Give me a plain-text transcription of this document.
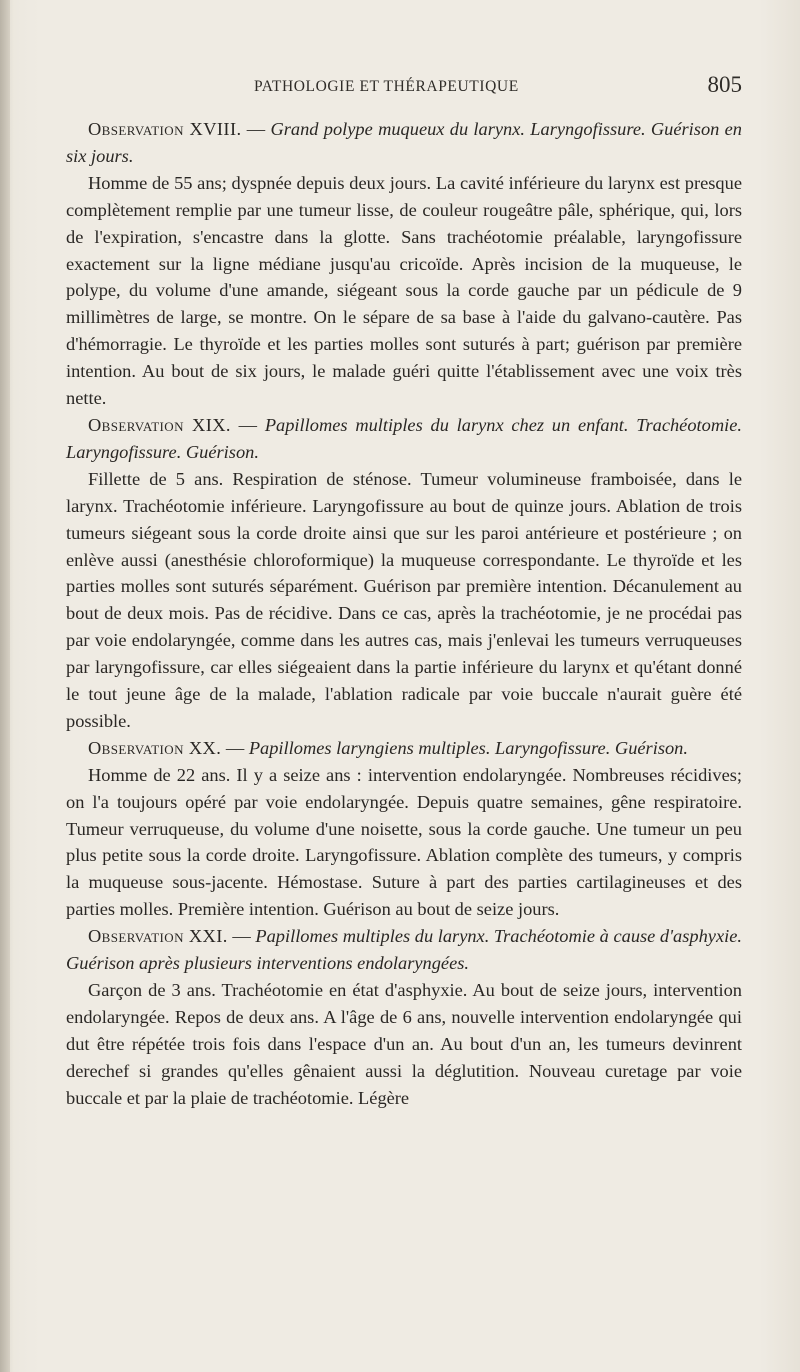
PATHOLOGIE ET THÉRAPEUTIQUE	805

Observation XVIII. — Grand polype muqueux du larynx. Laryngofissure. Guérison en six jours.

Homme de 55 ans; dyspnée depuis deux jours. La cavité inférieure du larynx est presque complètement remplie par une tumeur lisse, de couleur rougeâtre pâle, sphérique, qui, lors de l'expiration, s'encastre dans la glotte. Sans trachéotomie préalable, laryngofissure exactement sur la ligne médiane jusqu'au cricoïde. Après incision de la muqueuse, le polype, du volume d'une amande, siégeant sous la corde gauche par un pédicule de 9 millimètres de large, se montre. On le sépare de sa base à l'aide du galvano-cautère. Pas d'hémorragie. Le thyroïde et les parties molles sont suturés à part; guérison par première intention. Au bout de six jours, le malade guéri quitte l'établissement avec une voix très nette.

Observation XIX. — Papillomes multiples du larynx chez un enfant. Trachéotomie. Laryngofissure. Guérison.

Fillette de 5 ans. Respiration de sténose. Tumeur volumineuse framboisée, dans le larynx. Trachéotomie inférieure. Laryngofissure au bout de quinze jours. Ablation de trois tumeurs siégeant sous la corde droite ainsi que sur les paroi antérieure et postérieure ; on enlève aussi (anesthésie chloroformique) la muqueuse correspondante. Le thyroïde et les parties molles sont suturés séparément. Guérison par première intention. Décanulement au bout de deux mois. Pas de récidive. Dans ce cas, après la trachéotomie, je ne procédai pas par voie endolaryngée, comme dans les autres cas, mais j'enlevai les tumeurs verruqueuses par laryngofissure, car elles siégeaient dans la partie inférieure du larynx et qu'étant donné le tout jeune âge de la malade, l'ablation radicale par voie buccale n'aurait guère été possible.

Observation XX. — Papillomes laryngiens multiples. Laryngofissure. Guérison.

Homme de 22 ans. Il y a seize ans : intervention endolaryngée. Nombreuses récidives; on l'a toujours opéré par voie endolaryngée. Depuis quatre semaines, gêne respiratoire. Tumeur verruqueuse, du volume d'une noisette, sous la corde gauche. Une tumeur un peu plus petite sous la corde droite. Laryngofissure. Ablation complète des tumeurs, y compris la muqueuse sous-jacente. Hémostase. Suture à part des parties cartilagineuses et des parties molles. Première intention. Guérison au bout de seize jours.

Observation XXI. — Papillomes multiples du larynx. Trachéotomie à cause d'asphyxie. Guérison après plusieurs interventions endolaryngées.

Garçon de 3 ans. Trachéotomie en état d'asphyxie. Au bout de seize jours, intervention endolaryngée. Repos de deux ans. A l'âge de 6 ans, nouvelle intervention endolaryngée qui dut être répétée trois fois dans l'espace d'un an. Au bout d'un an, les tumeurs devinrent derechef si grandes qu'elles gênaient aussi la déglutition. Nouveau curetage par voie buccale et par la plaie de trachéotomie. Légère
